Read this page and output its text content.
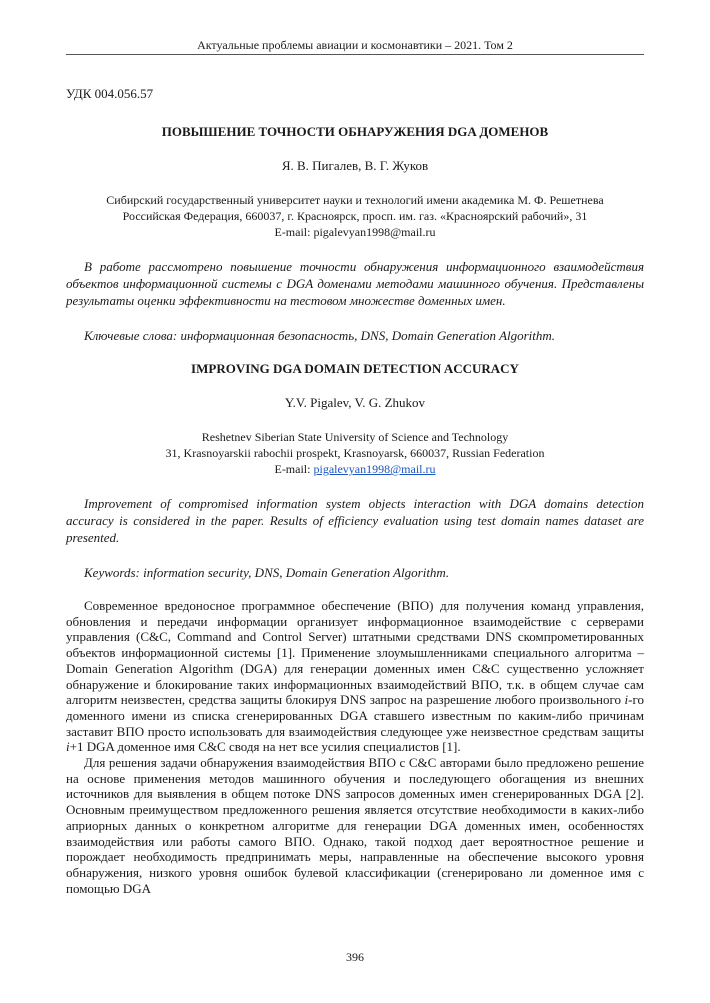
Актуальные проблемы авиации и космонавтики – 2021. Том 2

УДК 004.056.57

ПОВЫШЕНИЕ ТОЧНОСТИ ОБНАРУЖЕНИЯ DGA ДОМЕНОВ

Я. В. Пигалев, В. Г. Жуков

Сибирский государственный университет науки и технологий имени академика М. Ф. Решетнева
Российская Федерация, 660037, г. Красноярск, просп. им. газ. «Красноярский рабочий», 31
E-mail: pigalevyan1998@mail.ru

В работе рассмотрено повышение точности обнаружения информационного взаимодействия объектов информационной системы с DGA доменами методами машинного обучения. Представлены результаты оценки эффективности на тестовом множестве доменных имен.

Ключевые слова: информационная безопасность, DNS, Domain Generation Algorithm.

IMPROVING DGA DOMAIN DETECTION ACCURACY

Y.V. Pigalev, V. G. Zhukov

Reshetnev Siberian State University of Science and Technology
31, Krasnoyarskii rabochii prospekt, Krasnoyarsk, 660037, Russian Federation
E-mail: pigalevyan1998@mail.ru

Improvement of compromised information system objects interaction with DGA domains detection accuracy is considered in the paper. Results of efficiency evaluation using test domain names dataset are presented.

Keywords: information security, DNS, Domain Generation Algorithm.

Современное вредоносное программное обеспечение (ВПО) для получения команд управления, обновления и передачи информации организует информационное взаимодействие с серверами управления (C&C, Command and Control Server) штатными средствами DNS скомпрометированных объектов информационной системы [1]. Применение злоумышленниками специального алгоритма – Domain Generation Algorithm (DGA) для генерации доменных имен C&C существенно усложняет обнаружение и блокирование таких информационных взаимодействий ВПО, т.к. в общем случае сам алгоритм неизвестен, средства защиты блокируя DNS запрос на разрешение любого произвольного i-го доменного имени из списка сгенерированных DGA ставшего известным по каким-либо причинам заставит ВПО просто использовать для взаимодействия следующее уже неизвестное средствам защиты i+1 DGA доменное имя C&C сводя на нет все усилия специалистов [1].

Для решения задачи обнаружения взаимодействия ВПО с C&C авторами было предложено решение на основе применения методов машинного обучения и последующего обогащения из внешних источников для выявления в общем потоке DNS запросов доменных имен сгенерированных DGA [2]. Основным преимуществом предложенного решения является отсутствие необходимости в каких-либо априорных данных о конкретном алгоритме для генерации DGA доменных имен, особенностях взаимодействия или работы самого ВПО. Однако, такой подход дает вероятностное решение и порождает необходимость предпринимать меры, направленные на обеспечение высокого уровня обнаружения, низкого уровня ошибок булевой классификации (сгенерировано ли доменное имя с помощью DGA

396
